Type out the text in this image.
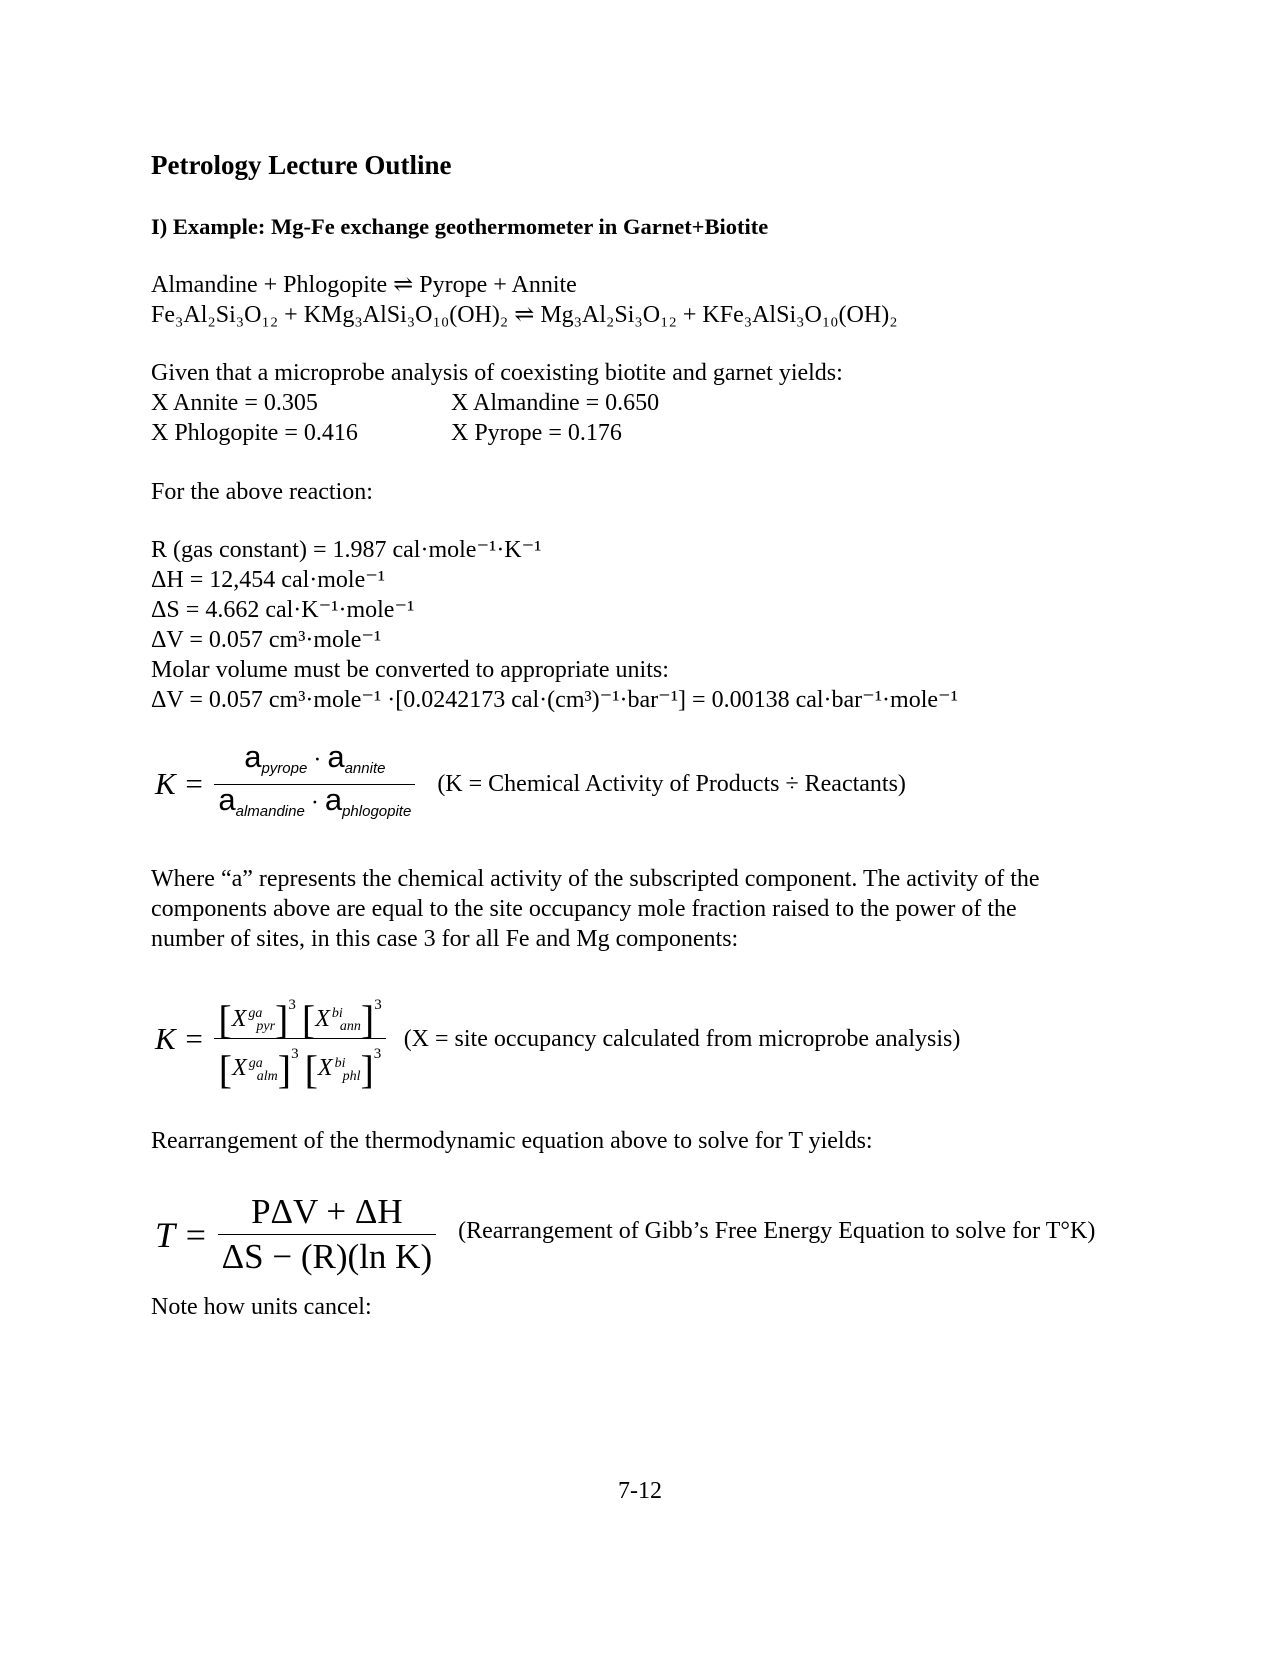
Petrology Lecture Outline
I) Example: Mg-Fe exchange geothermometer in Garnet+Biotite
Almandine + Phlogopite ⇌ Pyrope + Annite
Fe₃Al₂Si₃O₁₂ + KMg₃AlSi₃O₁₀(OH)₂ ⇌ Mg₃Al₂Si₃O₁₂ + KFe₃AlSi₃O₁₀(OH)₂
Given that a microprobe analysis of coexisting biotite and garnet yields:
X Annite = 0.305	X Almandine = 0.650
X Phlogopite = 0.416	X Pyrope = 0.176
For the above reaction:
R (gas constant) = 1.987 cal·mole⁻¹·K⁻¹
ΔH = 12,454 cal·mole⁻¹
ΔS = 4.662 cal·K⁻¹·mole⁻¹
ΔV = 0.057 cm³·mole⁻¹
Molar volume must be converted to appropriate units:
ΔV = 0.057 cm³·mole⁻¹ ·[0.0242173 cal·(cm³)⁻¹·bar⁻¹] = 0.00138 cal·bar⁻¹·mole⁻¹
$K = \frac{a_{pyrope} \cdot a_{annite}}{a_{almandine} \cdot a_{phlogopite}} (K$ = Chemical Activity of Products ÷ Reactants)
Where “a” represents the chemical activity of the subscripted component. The activity of the
components above are equal to the site occupancy mole fraction raised to the power of the
number of sites, in this case 3 for all Fe and Mg components:
K = [X ga
pyr ]$^3$ [X bi
ann ]$^3$
[X ga
alm ]$^3$ [X bi
phl ]$^3$ (X = site occupancy calculated from microprobe analysis)
Rearrangement of the thermodynamic equation above to solve for T yields:
$T = \frac{\text{PΔV + ΔH}}{\text{ΔS − (R)(ln K)}}$ (Rearrangement of Gibb’s Free Energy Equation to solve for T°K)
Note how units cancel:
7-12
